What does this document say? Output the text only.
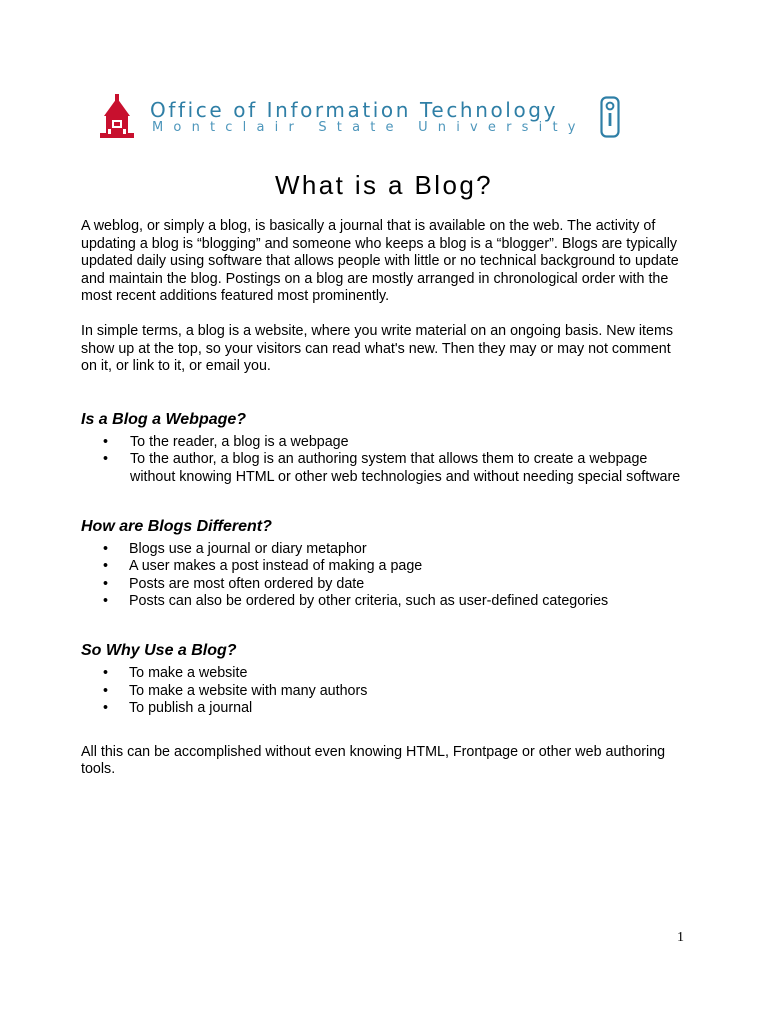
Office of Information Technology
Montclair State University
What is a Blog?

A weblog, or simply a blog, is basically a journal that is available on the web. The activity of updating a blog is “blogging” and someone who keeps a blog is a “blogger”. Blogs are typically updated daily using software that allows people with little or no technical background to update and maintain the blog. Postings on a blog are mostly arranged in chronological order with the most recent additions featured most prominently.

In simple terms, a blog is a website, where you write material on an ongoing basis. New items show up at the top, so your visitors can read what's new. Then they may or may not comment on it, or link to it, or email you.

Is a Blog a Webpage?
• To the reader, a blog is a webpage
• To the author, a blog is an authoring system that allows them to create a webpage without knowing HTML or other web technologies and without needing special software
How are Blogs Different?
• Blogs use a journal or diary metaphor
• A user makes a post instead of making a page
• Posts are most often ordered by date
• Posts can also be ordered by other criteria, such as user-defined categories
So Why Use a Blog?
• To make a website
• To make a website with many authors
• To publish a journal

All this can be accomplished without even knowing HTML, Frontpage or other web authoring tools.

1
